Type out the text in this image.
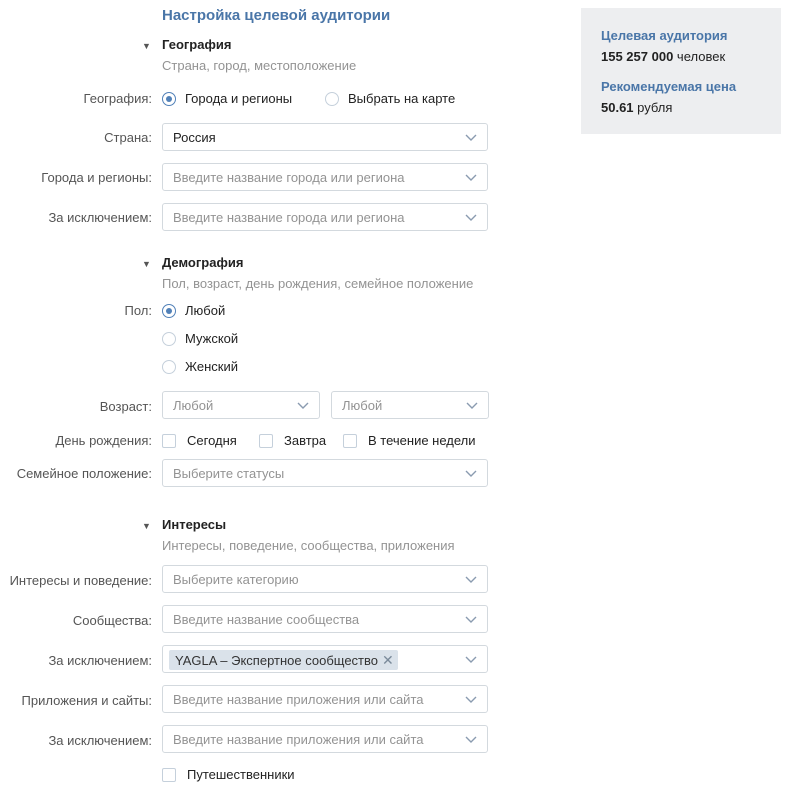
Настройка целевой аудитории
▼ География
Страна, город, местоположение
География:	Города и регионы	Выбрать на карте
Страна: Россия
Города и регионы: Введите название города или региона
За исключением: Введите название города или региона
▼ Демография
Пол, возраст, день рождения, семейное положение
Пол:	Любой
Мужской
Женский
Возраст: Любой	Любой
День рождения:	Сегодня	Завтра	В течение недели
Семейное положение: Выберите статусы
▼ Интересы
Интересы, поведение, сообщества, приложения
Интересы и поведение: Выберите категорию
Сообщества: Введите название сообщества
За исключением:	YAGLA – Экспертное сообщество ✕
Приложения и сайты: Введите название приложения или сайта
За исключением: Введите название приложения или сайта
Путешественники
Целевая аудитория
155 257 000 человек
Рекомендуемая цена
50.61 рубля
